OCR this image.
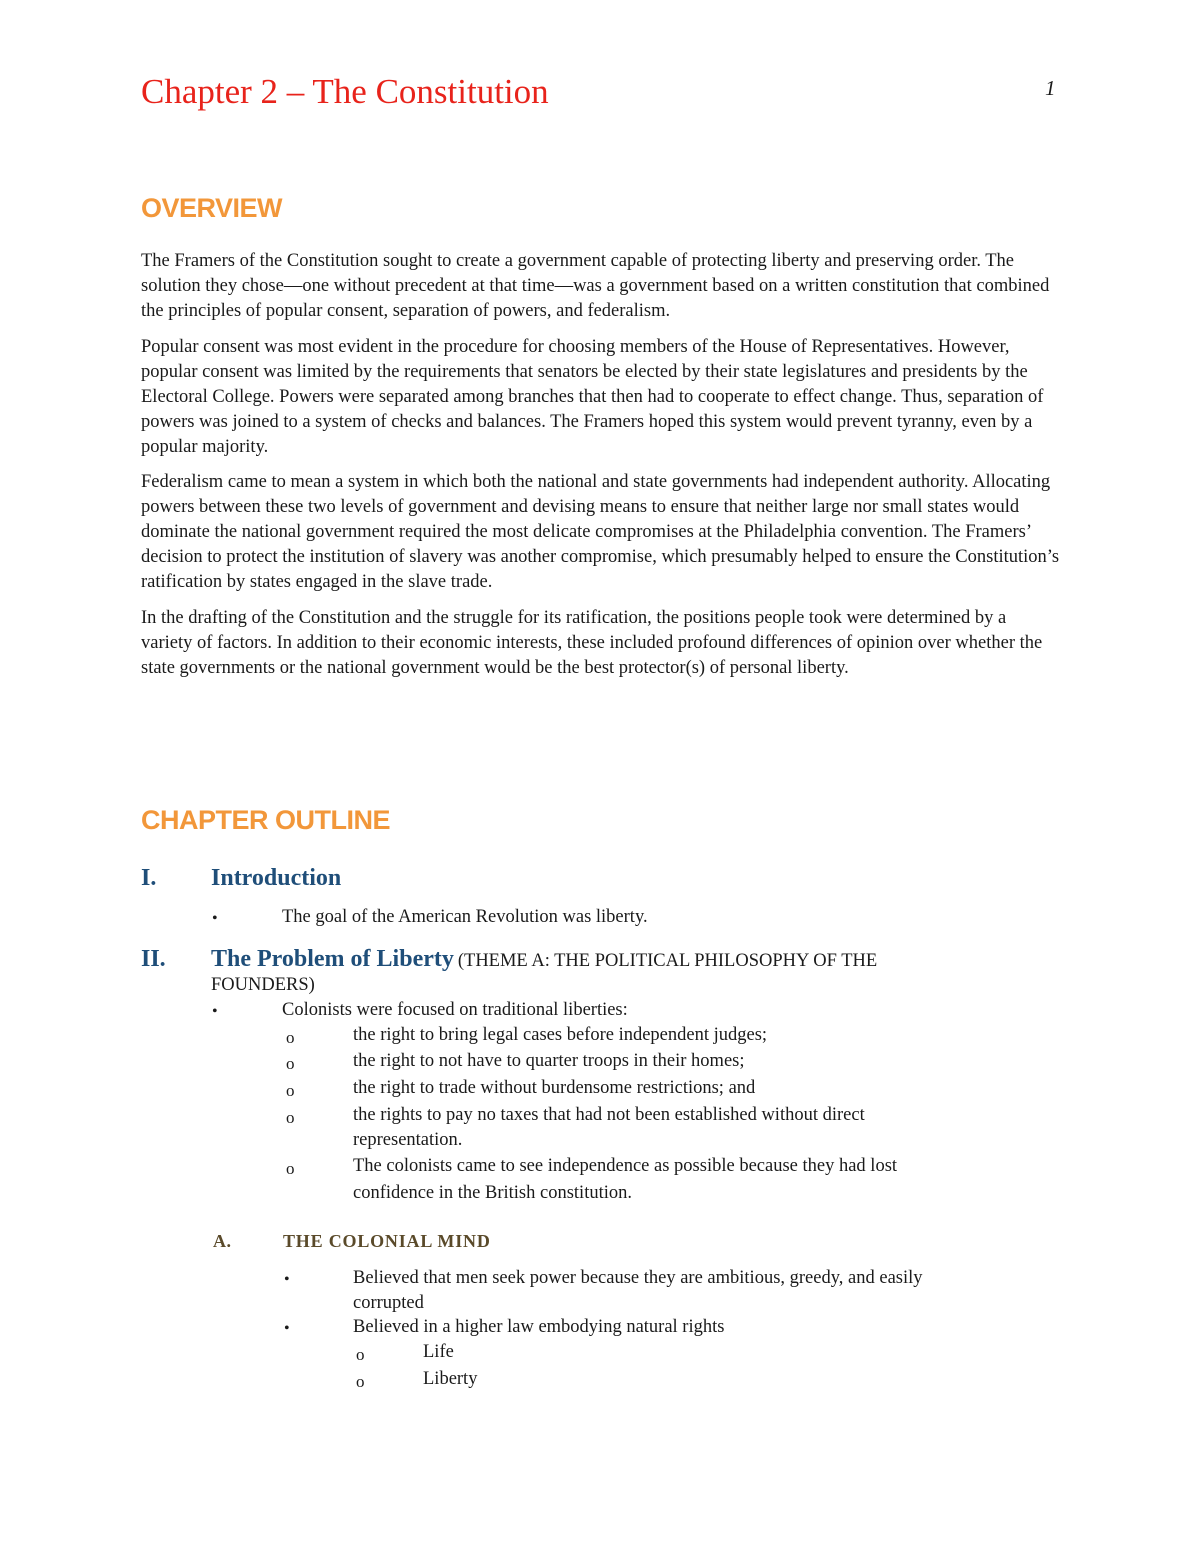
Chapter 2 – The Constitution	1
OVERVIEW

The Framers of the Constitution sought to create a government capable of protecting liberty and preserving order. The solution they chose—one without precedent at that time—was a government based on a written constitution that combined the principles of popular consent, separation of powers, and federalism.

Popular consent was most evident in the procedure for choosing members of the House of Representatives. However, popular consent was limited by the requirements that senators be elected by their state legislatures and presidents by the Electoral College. Powers were separated among branches that then had to cooperate to effect change. Thus, separation of powers was joined to a system of checks and balances. The Framers hoped this system would prevent tyranny, even by a popular majority.

Federalism came to mean a system in which both the national and state governments had independent authority. Allocating powers between these two levels of government and devising means to ensure that neither large nor small states would dominate the national government required the most delicate compromises at the Philadelphia convention. The Framers’ decision to protect the institution of slavery was another compromise, which presumably helped to ensure the Constitution’s ratification by states engaged in the slave trade.

In the drafting of the Constitution and the struggle for its ratification, the positions people took were determined by a variety of factors. In addition to their economic interests, these included profound differences of opinion over whether the state governments or the national government would be the best protector(s) of personal liberty.

CHAPTER OUTLINE
I. Introduction
•	The goal of the American Revolution was liberty.
II. The Problem of Liberty (THEME A: THE POLITICAL PHILOSOPHY OF THE
FOUNDERS)
•	Colonists were focused on traditional liberties:
o	the right to bring legal cases before independent judges;
o	the right to not have to quarter troops in their homes;
o	the right to trade without burdensome restrictions; and
o	the rights to pay no taxes that had not been established without direct
representation.
o	The colonists came to see independence as possible because they had lost
confidence in the British constitution.
A.	THE COLONIAL MIND
•	Believed that men seek power because they are ambitious, greedy, and easily
corrupted
•	Believed in a higher law embodying natural rights
o	Life
o	Liberty
